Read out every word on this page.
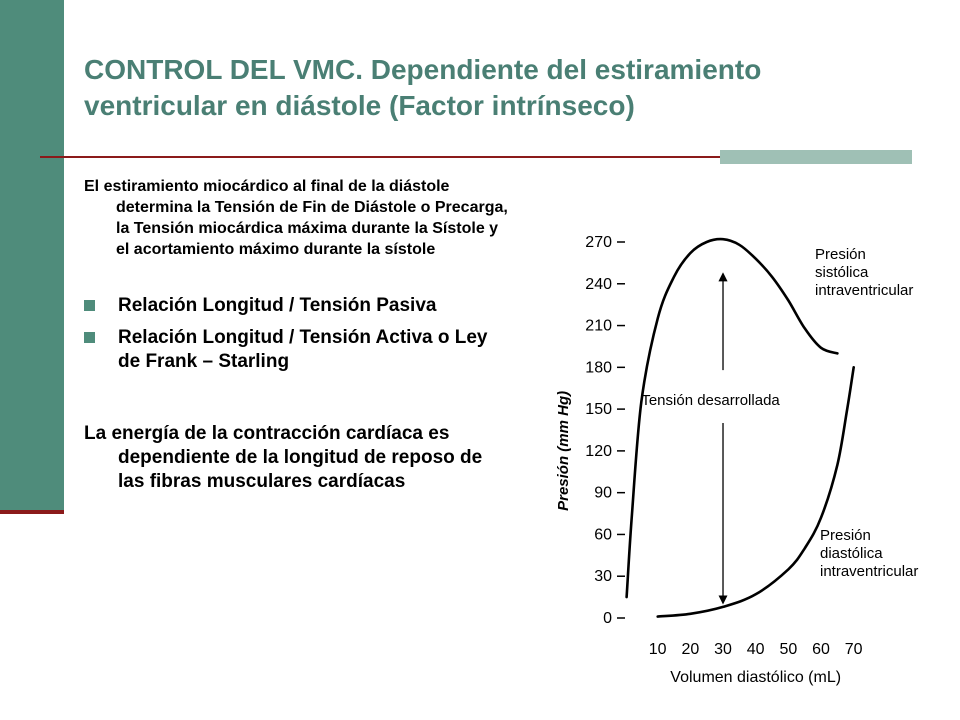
CONTROL DEL VMC. Dependiente del estiramiento ventricular en diástole (Factor intrínseco)

El estiramiento miocárdico al final de la diástole determina la Tensión de Fin de Diástole o Precarga, la Tensión miocárdica máxima durante la Sístole y el acortamiento máximo durante la sístole

Relación Longitud / Tensión Pasiva
Relación Longitud / Tensión Activa o Ley de Frank – Starling

La energía de la contracción cardíaca es dependiente de la longitud de reposo de las fibras musculares cardíacas

0
30
60
90
120
150
180
210
240
270
10 20 30 40 50 60 70
Presión (mm Hg)
Volumen diastólico (mL)
Presión sistólica intraventricular
Presión diastólica intraventricular
Tensión desarrollada
